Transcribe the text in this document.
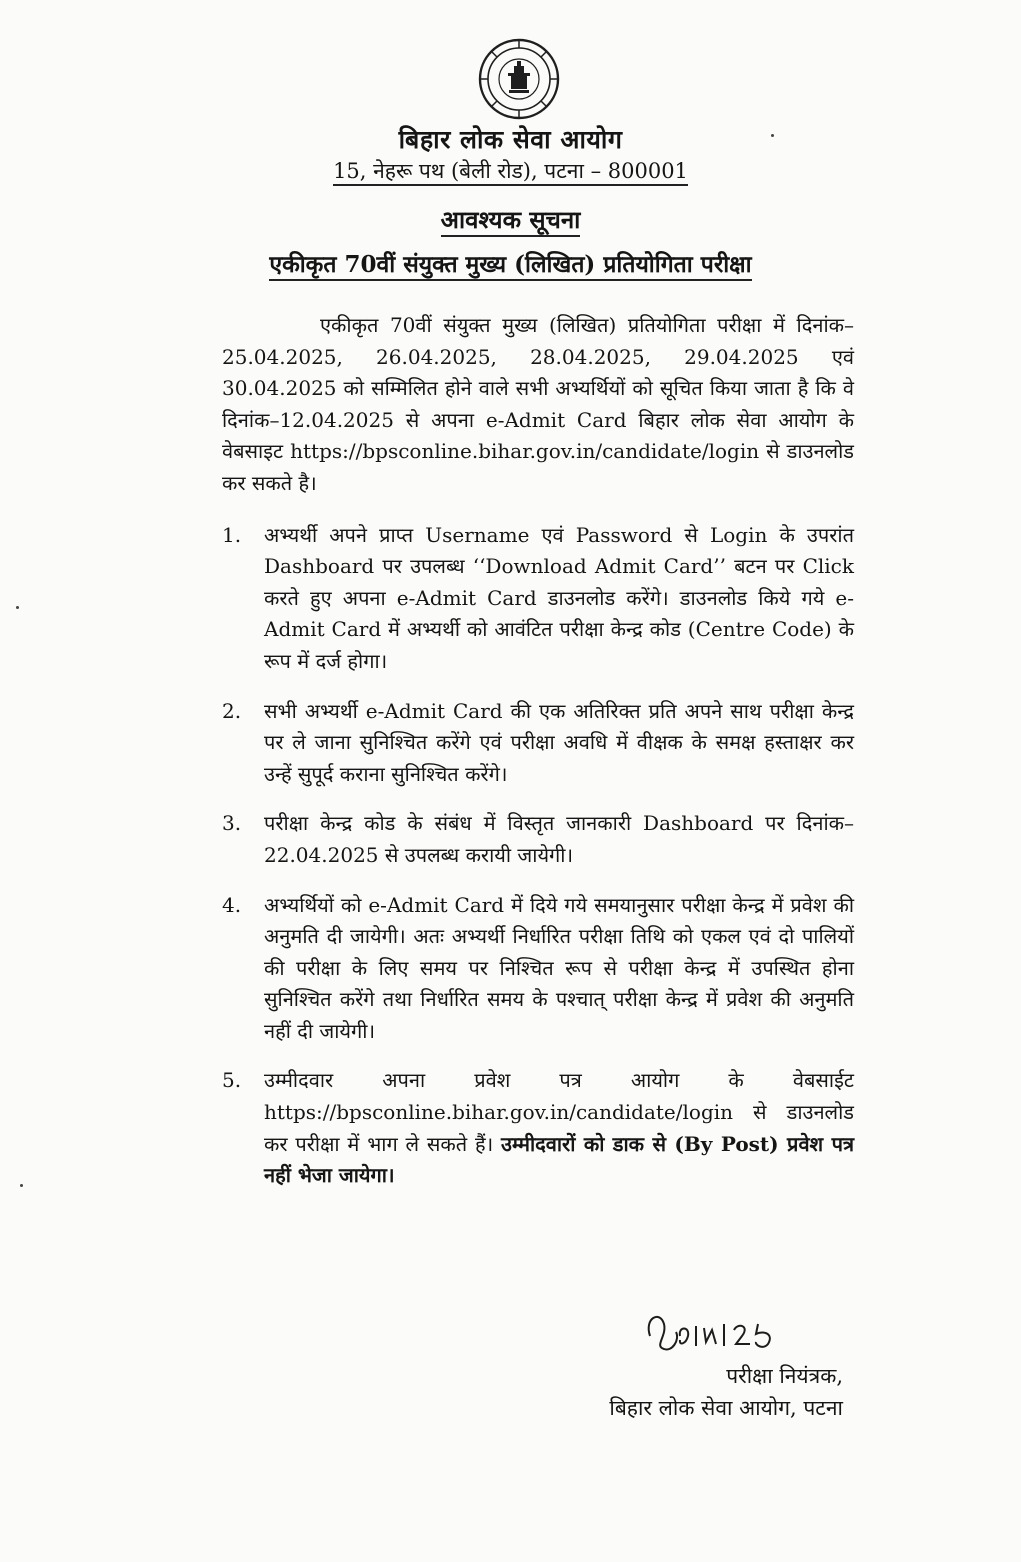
बिहार लोक सेवा आयोग
15, नेहरू पथ (बेली रोड), पटना – 800001
आवश्यक सूचना
एकीकृत 70वीं संयुक्त मुख्य (लिखित) प्रतियोगिता परीक्षा

एकीकृत 70वीं संयुक्त मुख्य (लिखित) प्रतियोगिता परीक्षा में दिनांक–25.04.2025, 26.04.2025, 28.04.2025, 29.04.2025 एवं 30.04.2025 को सम्मिलित होने वाले सभी अभ्यर्थियों को सूचित किया जाता है कि वे दिनांक–12.04.2025 से अपना e-Admit Card बिहार लोक सेवा आयोग के वेबसाइट https://bpsconline.bihar.gov.in/candidate/login से डाउनलोड कर सकते है।

1. अभ्यर्थी अपने प्राप्त Username एवं Password से Login के उपरांत Dashboard पर उपलब्ध ‘‘Download Admit Card’’ बटन पर Click करते हुए अपना e-Admit Card डाउनलोड करेंगे। डाउनलोड किये गये e-Admit Card में अभ्यर्थी को आवंटित परीक्षा केन्द्र कोड (Centre Code) के रूप में दर्ज होगा।
2. सभी अभ्यर्थी e-Admit Card की एक अतिरिक्त प्रति अपने साथ परीक्षा केन्द्र पर ले जाना सुनिश्चित करेंगे एवं परीक्षा अवधि में वीक्षक के समक्ष हस्ताक्षर कर उन्हें सुपूर्द कराना सुनिश्चित करेंगे।
3. परीक्षा केन्द्र कोड के संबंध में विस्तृत जानकारी Dashboard पर दिनांक–22.04.2025 से उपलब्ध करायी जायेगी।
4. अभ्यर्थियों को e-Admit Card में दिये गये समयानुसार परीक्षा केन्द्र में प्रवेश की अनुमति दी जायेगी। अतः अभ्यर्थी निर्धारित परीक्षा तिथि को एकल एवं दो पालियों की परीक्षा के लिए समय पर निश्चित रूप से परीक्षा केन्द्र में उपस्थित होना सुनिश्चित करेंगे तथा निर्धारित समय के पश्चात् परीक्षा केन्द्र में प्रवेश की अनुमति नहीं दी जायेगी।
5. उम्मीदवार अपना प्रवेश पत्र आयोग के वेबसाईट https://bpsconline.bihar.gov.in/candidate/login से डाउनलोड कर परीक्षा में भाग ले सकते हैं। उम्मीदवारों को डाक से (By Post) प्रवेश पत्र नहीं भेजा जायेगा।
परीक्षा नियंत्रक,
बिहार लोक सेवा आयोग, पटना
